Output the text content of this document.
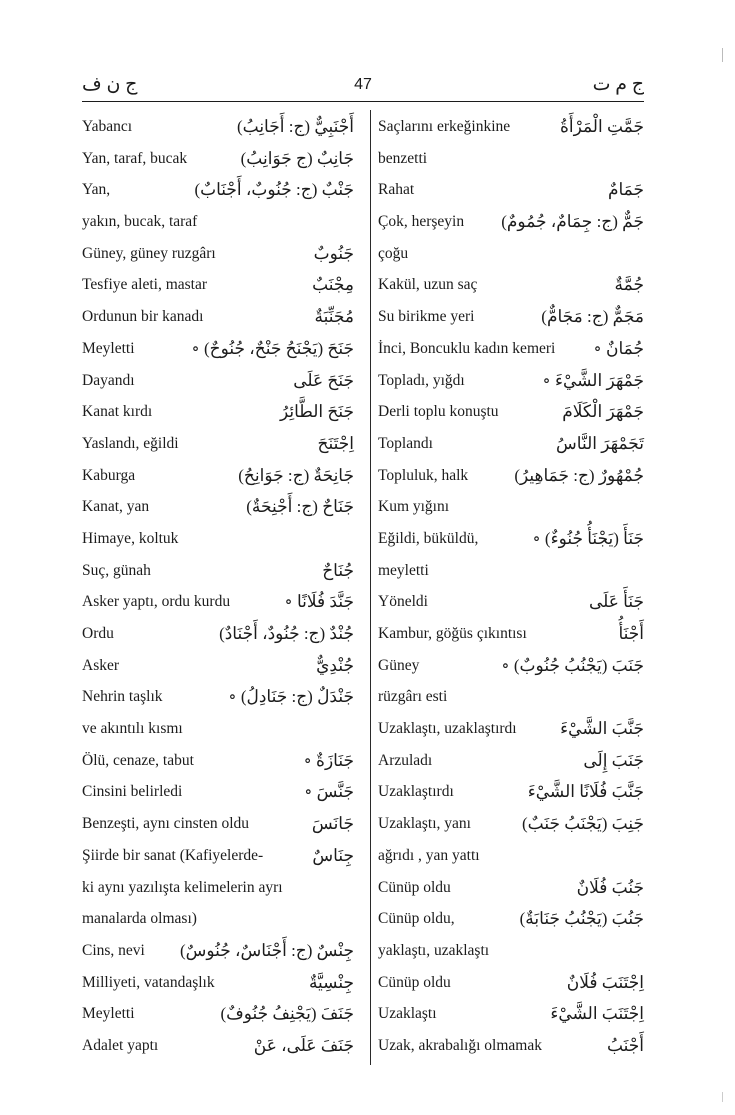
ج ن ف	47	ج م ت
Yabancı	أَجْنَبِيٌّ (ج: أَجَانِبُ)
Yan, taraf, bucak	جَانِبٌ (ج جَوَانِبُ)
Yan,	جَنْبٌ (ج: جُنُوبٌ، أَجْنَابٌ)
yakın, bucak, taraf
Güney, güney ruzgârı	جَنُوبٌ
Tesfiye aleti, mastar	مِجْنَبٌ
Ordunun bir kanadı	مُجَنِّبَةٌ
Meyletti	جَنَحَ (يَجْنَحُ جَنْحٌ، جُنُوحٌ) ∘
Dayandı	جَنَحَ عَلَى
Kanat kırdı	جَنَحَ الطَّائِرُ
Yaslandı, eğildi	اِجْتَنَحَ
Kaburga	جَانِحَةٌ (ج: جَوَانِحُ)
Kanat, yan	جَنَاحٌ (ج: أَجْنِحَةٌ)
Himaye, koltuk
Suç, günah	جُنَاحٌ
Asker yaptı, ordu kurdu	جَنَّدَ فُلَانًا ∘
Ordu	جُنْدٌ (ج: جُنُودٌ، أَجْنَادٌ)
Asker	جُنْدِيٌّ
Nehrin taşlık	جَنْدَلٌ (ج: جَنَادِلُ) ∘
ve akıntılı kısmı
Ölü, cenaze, tabut	جَنَازَةٌ ∘
Cinsini belirledi	جَنَّسَ ∘
Benzeşti, aynı cinsten oldu	جَانَسَ
Şiirde bir sanat (Kafiyelerde-	جِنَاسٌ
ki aynı yazılışta kelimelerin ayrı
manalarda olması)
Cins, nevi جِنْسٌ (ج: أَجْنَاسٌ، جُنُوسٌ)
Milliyeti, vatandaşlık	جِنْسِيَّةٌ
Meyletti	جَنَفَ (يَجْنِفُ جُنُوفٌ)
Adalet yaptı	جَنَفَ عَلَى، عَنْ
Saçlarını erkeğinkine	جَمَّتِ الْمَرْأَةُ
benzetti
Rahat	جَمَامٌ
Çok, herşeyin جَمٌّ (ج: جِمَامٌ، جُمُومٌ)
çoğu
Kakül, uzun saç	جُمَّةٌ
Su birikme yeri	مَجَمٌّ (ج: مَجَامٌّ)
İnci, Boncuklu kadın kemeri جُمَانٌ ∘
Topladı, yığdı	جَمْهَرَ الشَّيْءَ ∘
Derli toplu konuştu	جَمْهَرَ الْكَلَامَ
Toplandı	تَجَمْهَرَ النَّاسُ
Topluluk, halk	جُمْهُورٌ (ج: جَمَاهِيرُ)
Kum yığını
Eğildi, büküldü,	جَنَأَ (يَجْنَأُ جُنُوءٌ) ∘
meyletti
Yöneldi	جَنَأَ عَلَى
Kambur, göğüs çıkıntısı	أَجْنَأُ
Güney	جَنَبَ (يَجْنُبُ جُنُوبٌ) ∘
rüzgârı esti
Uzaklaştı, uzaklaştırdı	جَنَّبَ الشَّيْءَ
Arzuladı	جَنَبَ إِلَى
Uzaklaştırdı	جَنَّبَ فُلَانًا الشَّيْءَ
Uzaklaştı, yanı	جَنِبَ (يَجْنَبُ جَنَبٌ)
ağrıdı , yan yattı
Cünüp oldu	جَنُبَ فُلَانٌ
Cünüp oldu,	جَنُبَ (يَجْنُبُ جَنَابَةٌ)
yaklaştı, uzaklaştı
Cünüp oldu	اِجْتَنَبَ فُلَانٌ
Uzaklaştı	اِجْتَنَبَ الشَّيْءَ
Uzak, akrabalığı olmamak	أَجْنَبُ
